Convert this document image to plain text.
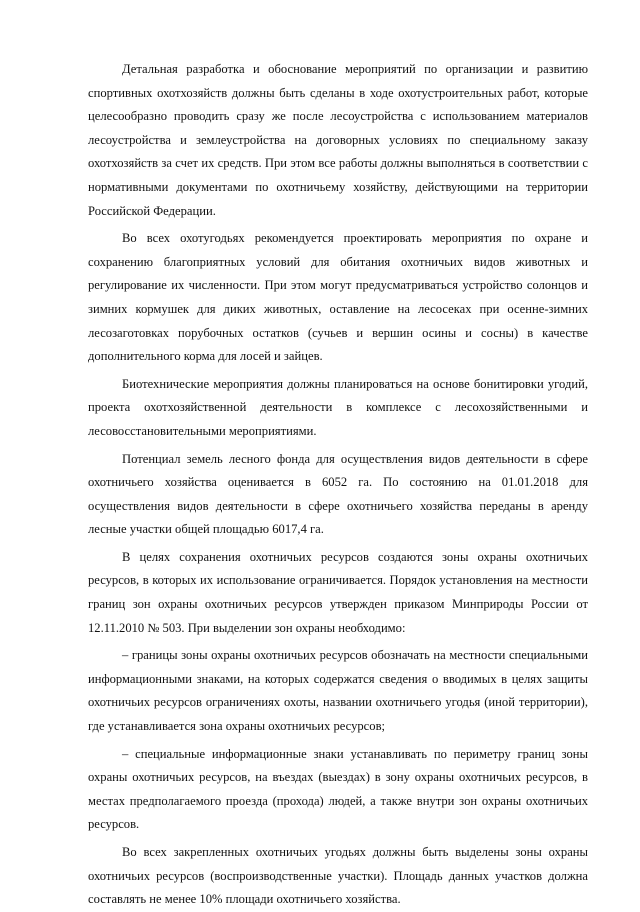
Детальная разработка и обоснование мероприятий по организации и развитию спортивных охотхозяйств должны быть сделаны в ходе охотустроительных работ, которые целесообразно проводить сразу же после лесоустройства с использованием материалов лесоустройства и землеустройства на договорных условиях по специальному заказу охотхозяйств за счет их средств. При этом все работы должны выполняться в соответствии с нормативными документами по охотничьему хозяйству, действующими на территории Российской Федерации.

Во всех охотугодьях рекомендуется проектировать мероприятия по охране и сохранению благоприятных условий для обитания охотничьих видов животных и регулирование их численности. При этом могут предусматриваться устройство солонцов и зимних кормушек для диких животных, оставление на лесосеках при осенне-зимних лесозаготовках порубочных остатков (сучьев и вершин осины и сосны) в качестве дополнительного корма для лосей и зайцев.

Биотехнические мероприятия должны планироваться на основе бонитировки угодий, проекта охотхозяйственной деятельности в комплексе с лесохозяйственными и лесовосстановительными мероприятиями.

Потенциал земель лесного фонда для осуществления видов деятельности в сфере охотничьего хозяйства оценивается в 6052 га. По состоянию на 01.01.2018 для осуществления видов деятельности в сфере охотничьего хозяйства переданы в аренду лесные участки общей площадью 6017,4 га.

В целях сохранения охотничьих ресурсов создаются зоны охраны охотничьих ресурсов, в которых их использование ограничивается. Порядок установления на местности границ зон охраны охотничьих ресурсов утвержден приказом Минприроды России от 12.11.2010 № 503. При выделении зон охраны необходимо:

– границы зоны охраны охотничьих ресурсов обозначать на местности специальными информационными знаками, на которых содержатся сведения о вводимых в целях защиты охотничьих ресурсов ограничениях охоты, названии охотничьего угодья (иной территории), где устанавливается зона охраны охотничьих ресурсов;

– специальные информационные знаки устанавливать по периметру границ зоны охраны охотничьих ресурсов, на въездах (выездах) в зону охраны охотничьих ресурсов, в местах предполагаемого проезда (прохода) людей, а также внутри зон охраны охотничьих ресурсов.

Во всех закрепленных охотничьих угодьях должны быть выделены зоны охраны охотничьих ресурсов (воспроизводственные участки). Площадь данных участков должна составлять не менее 10% площади охотничьего хозяйства.
